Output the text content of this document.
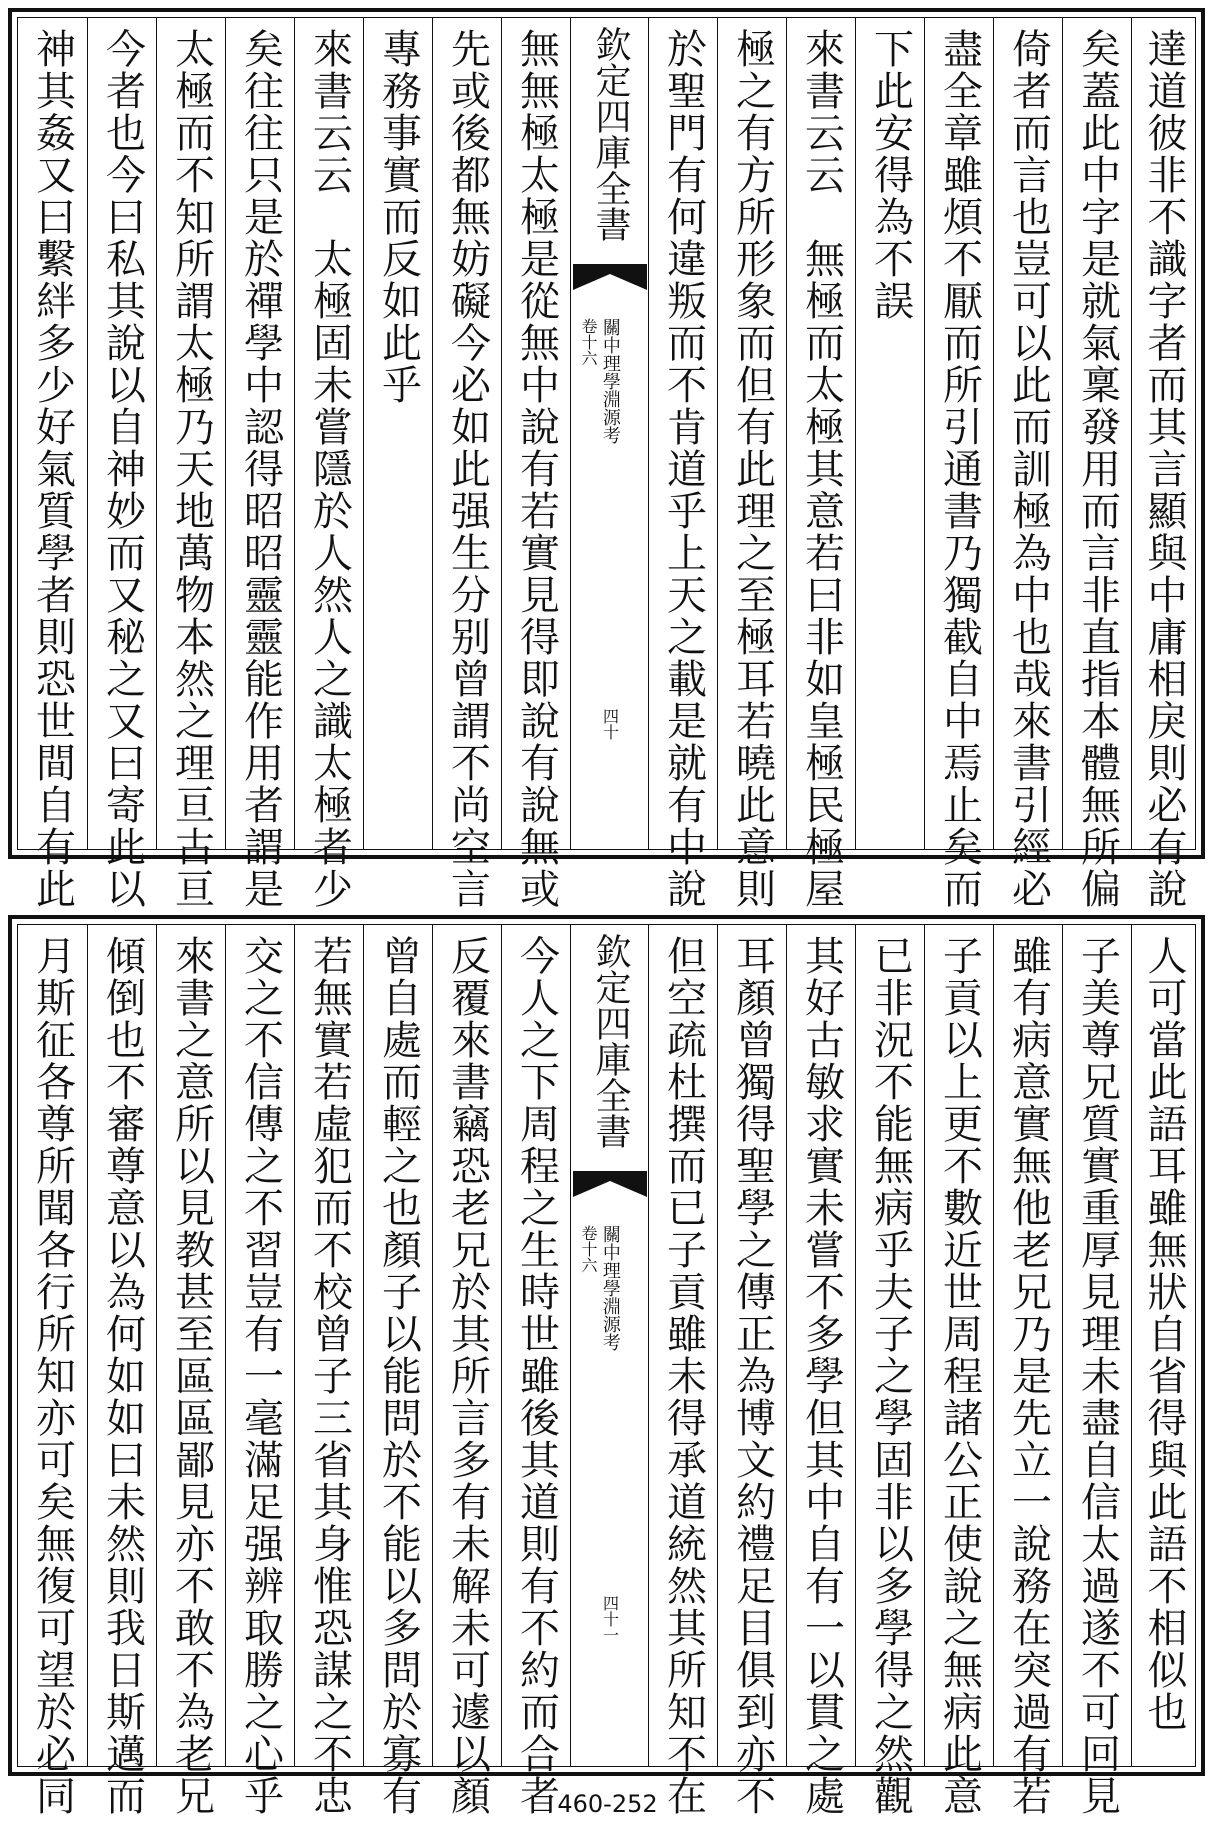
神其姦又曰繫絆多少好氣質學者則恐世間自有此 今者也今曰私其說以自神妙而又秘之又曰寄此以 太極而不知所謂太極乃天地萬物本然之理亘古亘 矣往往只是於禪學中認得昭昭靈靈能作用者謂是 來書云云　太極固未嘗隱於人然人之識太極者少 專務事實而反如此乎 先或後都無妨礙今必如此强生分别曾謂不尚空言 無無極太極是從無中說有若實見得即說有說無或 欽定四庫全書
關中理學淵源考
卷十六
四十 於聖門有何違叛而不肯道乎上天之載是就有中說 極之有方所形象而但有此理之至極耳若曉此意則 來書云云　無極而太極其意若曰非如皇極民極屋 下此安得為不誤 盡全章雖煩不厭而所引通書乃獨截自中焉止矣而 倚者而言也豈可以此而訓極為中也哉來書引經必 矣蓋此中字是就氣稟發用而言非直指本體無所偏 達道彼非不識字者而其言顯與中庸相戾則必有說
月斯征各尊所聞各行所知亦可矣無復可望於必同 傾倒也不審尊意以為何如如曰未然則我日斯邁而 來書之意所以見教甚至區區鄙見亦不敢不為老兄 交之不信傳之不習豈有一毫滿足强辨取勝之心乎 若無實若虛犯而不校曾子三省其身惟恐謀之不忠 曾自處而輕之也顏子以能問於不能以多問於寡有 反覆來書竊恐老兄於其所言多有未解未可遽以顏 今人之下周程之生時世雖後其道則有不約而合者 欽定四庫全書
關中理學淵源考
卷十六
四十一 但空疏杜撰而已子貢雖未得承道統然其所知不在 耳顏曾獨得聖學之傳正為博文約禮足目俱到亦不 其好古敏求實未嘗不多學但其中自有一以貫之處 已非況不能無病乎夫子之學固非以多學得之然觀 子貢以上更不數近世周程諸公正使說之無病此意 雖有病意實無他老兄乃是先立一說務在突過有若 子美尊兄質實重厚見理未盡自信太過遂不可回見 人可當此語耳雖無狀自省得與此語不相似也
460-252
